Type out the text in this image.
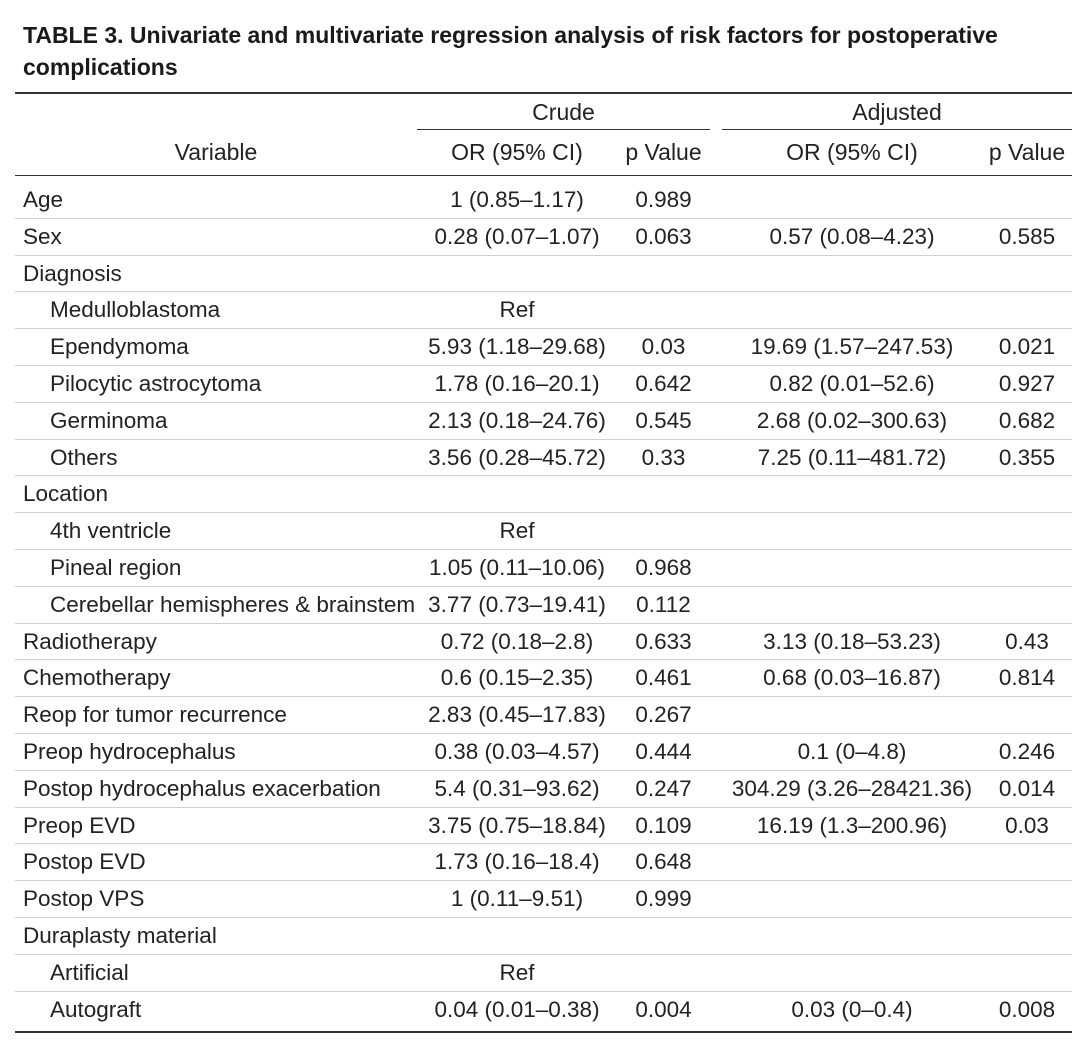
TABLE 3. Univariate and multivariate regression analysis of risk factors for postoperative complications
Crude	Adjusted
Variable	OR (95% CI)	p Value	OR (95% CI)	p Value
Age	1 (0.85–1.17)	0.989
Sex	0.28 (0.07–1.07)	0.063	0.57 (0.08–4.23)	0.585
Diagnosis
Medulloblastoma	Ref
Ependymoma	5.93 (1.18–29.68)	0.03	19.69 (1.57–247.53)	0.021
Pilocytic astrocytoma	1.78 (0.16–20.1)	0.642	0.82 (0.01–52.6)	0.927
Germinoma	2.13 (0.18–24.76)	0.545	2.68 (0.02–300.63)	0.682
Others	3.56 (0.28–45.72)	0.33	7.25 (0.11–481.72)	0.355
Location
4th ventricle	Ref
Pineal region	1.05 (0.11–10.06)	0.968
Cerebellar hemispheres & brainstem 3.77 (0.73–19.41)	0.112
Radiotherapy	0.72 (0.18–2.8)	0.633	3.13 (0.18–53.23)	0.43
Chemotherapy	0.6 (0.15–2.35)	0.461	0.68 (0.03–16.87)	0.814
Reop for tumor recurrence	2.83 (0.45–17.83)	0.267
Preop hydrocephalus	0.38 (0.03–4.57)	0.444	0.1 (0–4.8)	0.246
Postop hydrocephalus exacerbation	5.4 (0.31–93.62)	0.247	304.29 (3.26–28421.36)	0.014
Preop EVD	3.75 (0.75–18.84)	0.109	16.19 (1.3–200.96)	0.03
Postop EVD	1.73 (0.16–18.4)	0.648
Postop VPS	1 (0.11–9.51)	0.999
Duraplasty material
Artificial	Ref
Autograft	0.04 (0.01–0.38)	0.004	0.03 (0–0.4)	0.008
